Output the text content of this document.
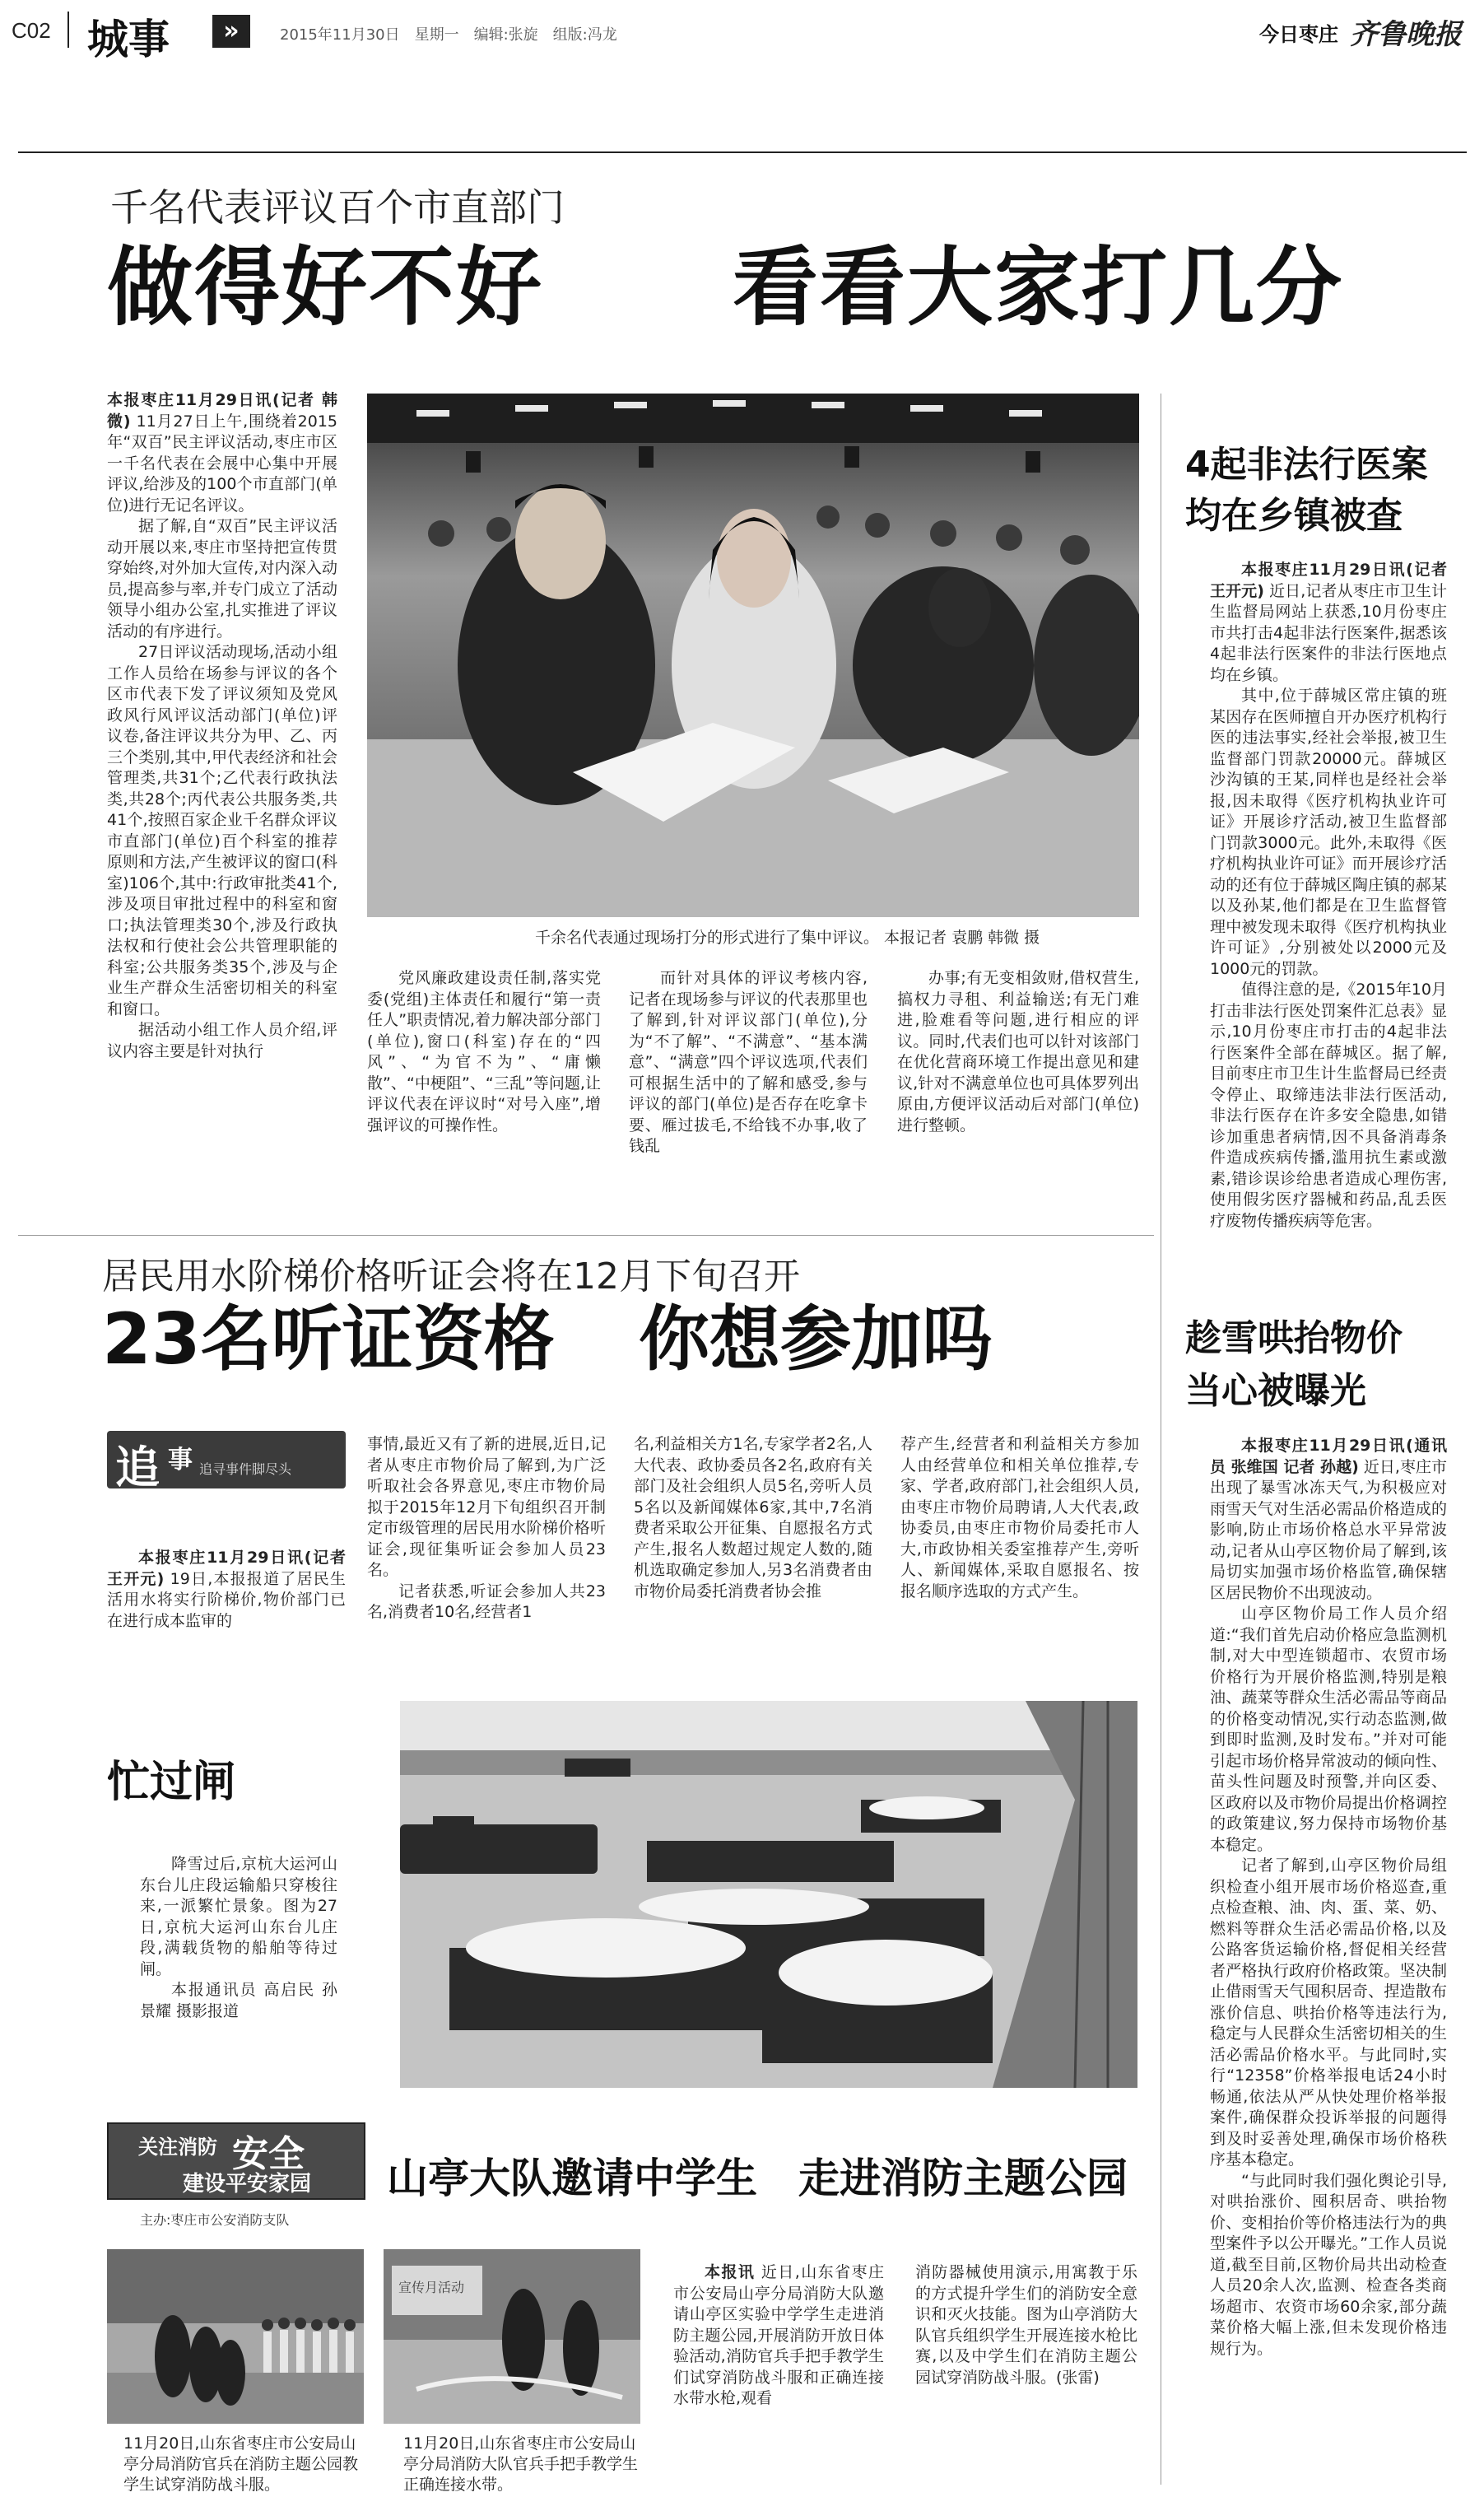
C02 城事	»	2015年11月30日　星期一　编辑:张旋　组版:冯龙	今日枣庄 齐鲁晚报
千名代表评议百个市直部门
做得好不好 看看大家打几分

本报枣庄11月29日讯(记者 韩微) 11月27日上午,围绕着2015年“双百”民主评议活动,枣庄市区一千名代表在会展中心集中开展评议,给涉及的100个市直部门(单位)进行无记名评议。

据了解,自“双百”民主评议活动开展以来,枣庄市坚持把宣传贯穿始终,对外加大宣传,对内深入动员,提高参与率,并专门成立了活动领导小组办公室,扎实推进了评议活动的有序进行。

27日评议活动现场,活动小组工作人员给在场参与评议的各个区市代表下发了评议须知及党风政风行风评议活动部门(单位)评议卷,备注评议共分为甲、乙、丙三个类别,其中,甲代表经济和社会管理类,共31个;乙代表行政执法类,共28个;丙代表公共服务类,共41个,按照百家企业千名群众评议市直部门(单位)百个科室的推荐原则和方法,产生被评议的窗口(科室)106个,其中:行政审批类41个,涉及项目审批过程中的科室和窗口;执法管理类30个,涉及行政执法权和行使社会公共管理职能的科室;公共服务类35个,涉及与企业生产群众生活密切相关的科室和窗口。

据活动小组工作人员介绍,评议内容主要是针对执行

千余名代表通过现场打分的形式进行了集中评议。 本报记者 袁鹏 韩微 摄

党风廉政建设责任制,落实党委(党组)主体责任和履行“第一责任人”职责情况,着力解决部分部门(单位),窗口(科室)存在的“四风”、“为官不为”、“庸懒散”、“中梗阻”、“三乱”等问题,让评议代表在评议时“对号入座”,增强评议的可操作性。

而针对具体的评议考核内容,记者在现场参与评议的代表那里也了解到,针对评议部门(单位),分为“不了解”、“不满意”、“基本满意”、“满意”四个评议选项,代表们可根据生活中的了解和感受,参与评议的部门(单位)是否存在吃拿卡要、雁过拔毛,不给钱不办事,收了钱乱

办事;有无变相敛财,借权营生,搞权力寻租、利益输送;有无门难进,脸难看等问题,进行相应的评议。同时,代表们也可以针对该部门在优化营商环境工作提出意见和建议,针对不满意单位也可具体罗列出原由,方便评议活动后对部门(单位)进行整顿。

4起非法行医案
均在乡镇被查

本报枣庄11月29日讯(记者 王开元) 近日,记者从枣庄市卫生计生监督局网站上获悉,10月份枣庄市共打击4起非法行医案件,据悉该4起非法行医案件的非法行医地点均在乡镇。

其中,位于薛城区常庄镇的班某因存在医师擅自开办医疗机构行医的违法事实,经社会举报,被卫生监督部门罚款20000元。薛城区沙沟镇的王某,同样也是经社会举报,因未取得《医疗机构执业许可证》开展诊疗活动,被卫生监督部门罚款3000元。此外,未取得《医疗机构执业许可证》而开展诊疗活动的还有位于薛城区陶庄镇的郝某以及孙某,他们都是在卫生监督管理中被发现未取得《医疗机构执业许可证》,分别被处以2000元及1000元的罚款。

值得注意的是,《2015年10月打击非法行医处罚案件汇总表》显示,10月份枣庄市打击的4起非法行医案件全部在薛城区。据了解,目前枣庄市卫生计生监督局已经责令停止、取缔违法非法行医活动,非法行医存在许多安全隐患,如错诊加重患者病情,因不具备消毒条件造成疾病传播,滥用抗生素或激素,错诊误诊给患者造成心理伤害,使用假劣医疗器械和药品,乱丢医疗废物传播疾病等危害。

居民用水阶梯价格听证会将在12月下旬召开
23名听证资格 你想参加吗
追 事 追寻事件脚尽头

本报枣庄11月29日讯(记者 王开元) 19日,本报报道了居民生活用水将实行阶梯价,物价部门已在进行成本监审的

事情,最近又有了新的进展,近日,记者从枣庄市物价局了解到,为广泛听取社会各界意见,枣庄市物价局拟于2015年12月下旬组织召开制定市级管理的居民用水阶梯价格听证会,现征集听证会参加人员23名。

记者获悉,听证会参加人共23名,消费者10名,经营者1

名,利益相关方1名,专家学者2名,人大代表、政协委员各2名,政府有关部门及社会组织人员5名,旁听人员5名以及新闻媒体6家,其中,7名消费者采取公开征集、自愿报名方式产生,报名人数超过规定人数的,随机选取确定参加人,另3名消费者由市物价局委托消费者协会推

荐产生,经营者和利益相关方参加人由经营单位和相关单位推荐,专家、学者,政府部门,社会组织人员,由枣庄市物价局聘请,人大代表,政协委员,由枣庄市物价局委托市人大,市政协相关委室推荐产生,旁听人、新闻媒体,采取自愿报名、按报名顺序选取的方式产生。

趁雪哄抬物价
当心被曝光

本报枣庄11月29日讯(通讯员 张维国 记者 孙越) 近日,枣庄市出现了暴雪冰冻天气,为积极应对雨雪天气对生活必需品价格造成的影响,防止市场价格总水平异常波动,记者从山亭区物价局了解到,该局切实加强市场价格监管,确保辖区居民物价不出现波动。

山亭区物价局工作人员介绍道:“我们首先启动价格应急监测机制,对大中型连锁超市、农贸市场价格行为开展价格监测,特别是粮油、蔬菜等群众生活必需品等商品的价格变动情况,实行动态监测,做到即时监测,及时发布。”并对可能引起市场价格异常波动的倾向性、苗头性问题及时预警,并向区委、区政府以及市物价局提出价格调控的政策建议,努力保持市场物价基本稳定。

记者了解到,山亭区物价局组织检查小组开展市场价格巡查,重点检查粮、油、肉、蛋、菜、奶、燃料等群众生活必需品价格,以及公路客货运输价格,督促相关经营者严格执行政府价格政策。坚决制止借雨雪天气囤积居奇、捏造散布涨价信息、哄抬价格等违法行为,稳定与人民群众生活密切相关的生活必需品价格水平。与此同时,实行“12358”价格举报电话24小时畅通,依法从严从快处理价格举报案件,确保群众投诉举报的问题得到及时妥善处理,确保市场价格秩序基本稳定。

“与此同时我们强化舆论引导,对哄抬涨价、囤积居奇、哄抬物价、变相抬价等价格违法行为的典型案件予以公开曝光。”工作人员说道,截至目前,区物价局共出动检查人员20余人次,监测、检查各类商场超市、农资市场60余家,部分蔬菜价格大幅上涨,但未发现价格违规行为。

忙过闸

降雪过后,京杭大运河山东台儿庄段运输船只穿梭往来,一派繁忙景象。图为27日,京杭大运河山东台儿庄段,满载货物的船舶等待过闸。

本报通讯员 高启民 孙景耀 摄影报道

关注消防 安全
建设平安家园
主办:枣庄市公安消防支队
山亭大队邀请中学生　走进消防主题公园
11月20日,山东省枣庄市公安局山亭分局消防官兵在消防主题公园教学生试穿消防战斗服。
宣传月活动
11月20日,山东省枣庄市公安局山亭分局消防大队官兵手把手教学生正确连接水带。

本报讯 近日,山东省枣庄市公安局山亭分局消防大队邀请山亭区实验中学学生走进消防主题公园,开展消防开放日体验活动,消防官兵手把手教学生们试穿消防战斗服和正确连接水带水枪,观看

消防器械使用演示,用寓教于乐的方式提升学生们的消防安全意识和灭火技能。图为山亭消防大队官兵组织学生开展连接水枪比赛,以及中学生们在消防主题公园试穿消防战斗服。(张雷)
